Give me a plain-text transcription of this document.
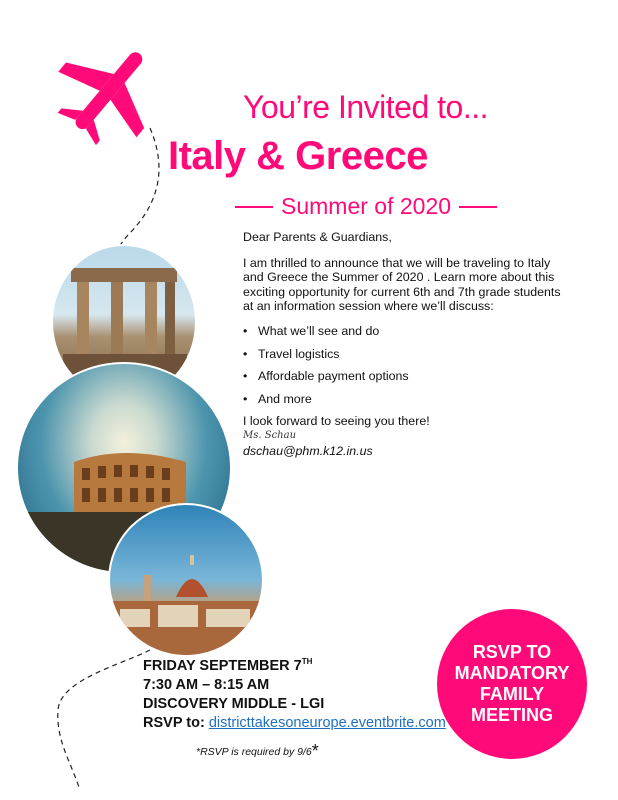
You’re Invited to...
Italy & Greece
Summer of 2020

Dear Parents & Guardians,

I am thrilled to announce that we will be traveling to Italy and Greece the Summer of 2020 . Learn more about this exciting opportunity for current 6th and 7th grade students at an information session where we’ll discuss:

• What we’ll see and do
• Travel logistics
• Affordable payment options
• And more

I look forward to seeing you there!

Ms. Schau

dschau@phm.k12.in.us

FRIDAY SEPTEMBER 7TH
7:30 AM – 8:15 AM
DISCOVERY MIDDLE - LGI
RSVP to: districttakesoneurope.eventbrite.com
*RSVP is required by 9/6*
RSVP TO
MANDATORY
FAMILY
MEETING
